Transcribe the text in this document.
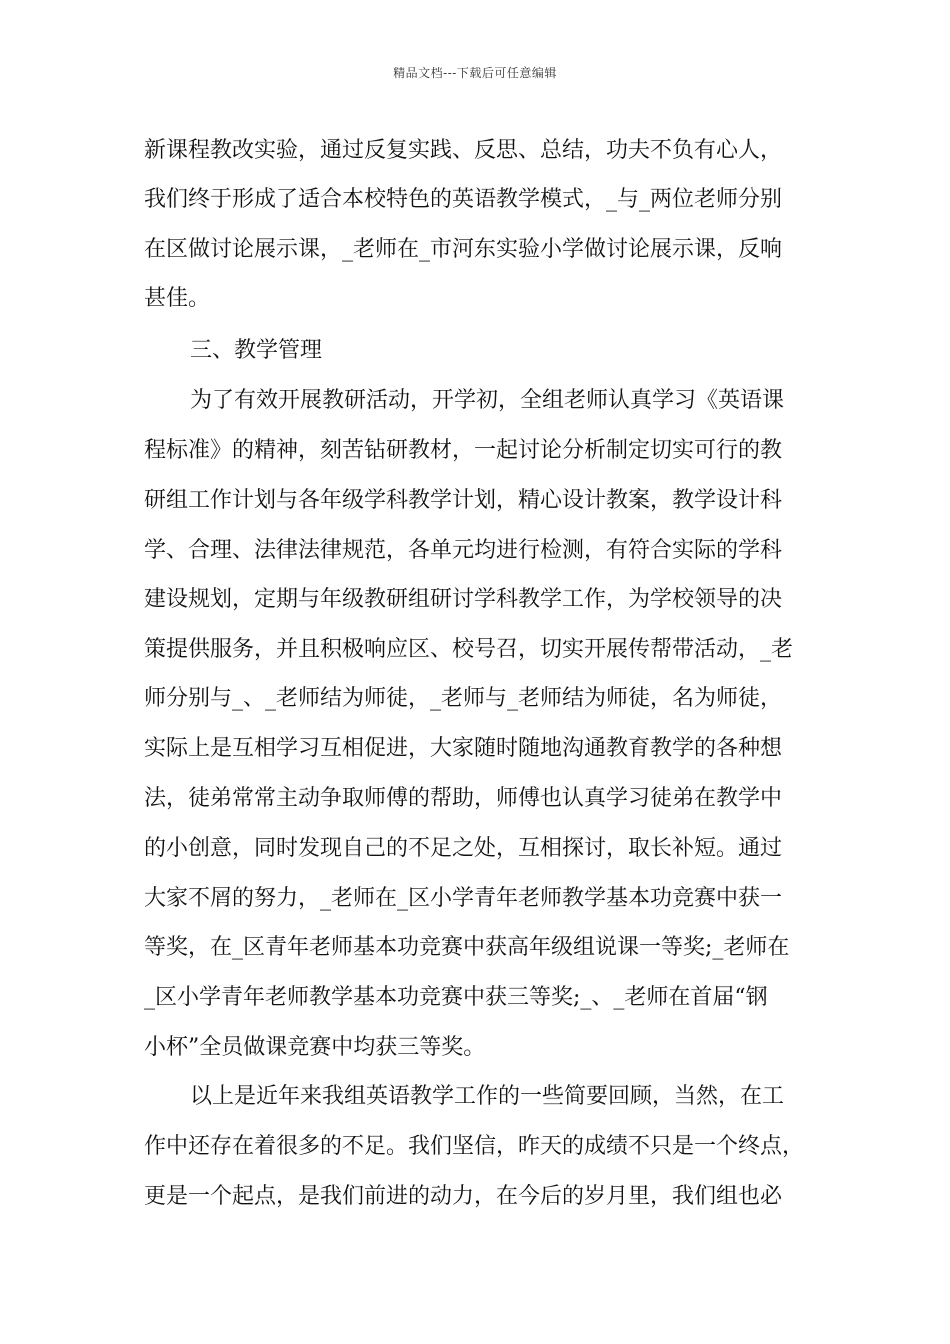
精品文档---下载后可任意编辑
新课程教改实验，通过反复实践、反思、总结，功夫不负有心人，
我们终于形成了适合本校特色的英语教学模式，_与_两位老师分别
在区做讨论展示课，_老师在_市河东实验小学做讨论展示课，反响
甚佳。
三、教学管理
为了有效开展教研活动，开学初，全组老师认真学习《英语课
程标准》的精神，刻苦钻研教材，一起讨论分析制定切实可行的教
研组工作计划与各年级学科教学计划，精心设计教案，教学设计科
学、合理、法律法律规范，各单元均进行检测，有符合实际的学科
建设规划，定期与年级教研组研讨学科教学工作，为学校领导的决
策提供服务，并且积极响应区、校号召，切实开展传帮带活动，_老
师分别与_、_老师结为师徒，_老师与_老师结为师徒，名为师徒，
实际上是互相学习互相促进，大家随时随地沟通教育教学的各种想
法，徒弟常常主动争取师傅的帮助，师傅也认真学习徒弟在教学中
的小创意，同时发现自己的不足之处，互相探讨，取长补短。通过
大家不屑的努力，_老师在_区小学青年老师教学基本功竞赛中获一
等奖，在_区青年老师基本功竞赛中获高年级组说课一等奖;_老师在
_区小学青年老师教学基本功竞赛中获三等奖;_、_老师在首届“钢
小杯”全员做课竞赛中均获三等奖。
以上是近年来我组英语教学工作的一些简要回顾，当然，在工
作中还存在着很多的不足。我们坚信，昨天的成绩不只是一个终点，
更是一个起点，是我们前进的动力，在今后的岁月里，我们组也必
